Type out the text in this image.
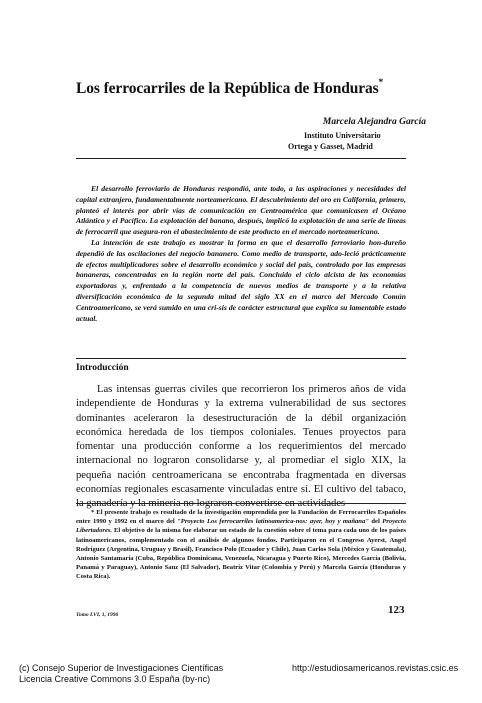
Los ferrocarriles de la República de Honduras*
Marcela Alejandra García
Instituto Universitario
Ortega y Gasset, Madrid

El desarrollo ferroviario de Honduras respondió, ante todo, a las aspiraciones y necesidades del capital extranjero, fundamentalmente norteamericano. El descubrimiento del oro en California, primero, planteó el interés por abrir vías de comunicación en Centroamérica que comunicasen el Océano Atlántico y el Pacífico. La explotación del banano, después, implicó la explotación de una serie de líneas de ferrocarril que asegura-ron el abastecimiento de este producto en el mercado norteamericano.

La intención de este trabajo es mostrar la forma en que el desarrollo ferroviario hon-dureño dependió de las oscilaciones del negocio bananero. Como medio de transporte, ado-leció prácticamente de efectos multiplicadores sobre el desarrollo económico y social del país, controlado por las empresas bananeras, concentradas en la región norte del país. Concluido el ciclo alcista de las economías exportadoras y, enfrentado a la competencia de nuevos medios de transporte y a la relativa diversificación económica de la segunda mitad del siglo XX en el marco del Mercado Común Centroamericano, se verá sumido en una cri-sis de carácter estructural que explica su lamentable estado actual.

Introducción

Las intensas guerras civiles que recorrieron los primeros años de vida independiente de Honduras y la extrema vulnerabilidad de sus sectores dominantes aceleraron la desestructuración de la débil organización económica heredada de los tiempos coloniales. Tenues proyectos para fomentar una producción conforme a los requerimientos del mercado internacional no lograron consolidarse y, al promediar el siglo XIX, la pequeña nación centroamericana se encontraba fragmentada en diversas economías regionales escasamente vinculadas entre sí. El cultivo del tabaco, la ganadería y la minería no lograron convertirse en actividades

* El presente trabajo es resultado de la investigación emprendida por la Fundación de Ferrocarriles Españoles entre 1990 y 1992 en el marco del "Proyecto Los ferrocarriles latinoamerica-nos: ayer, hoy y mañana" del Proyecto Libertadores. El objetivo de la misma fue elaborar un estado de la cuestión sobre el tema para cada uno de los países latinoamericanos, complementado con el análisis de algunos fondos. Participaron en el Congreso Ayerst, Angel Rodríguez (Argentina, Uruguay y Brasil), Francisco Polo (Ecuador y Chile), Juan Carlos Sola (México y Guatemala), Antonio Santamaría (Cuba, República Dominicana, Venezuela, Nicaragua y Puerto Rico), Mercedes García (Bolivia, Panamá y Paraguay), Antonio Sanz (El Salvador), Beatriz Vitar (Colombia y Perú) y Marcela García (Honduras y Costa Rica).

Tomo LVI, 1, 1996	123
(c) Consejo Superior de Investigaciones Científicas
Licencia Creative Commons 3.0 España (by-nc)
http://estudiosamericanos.revistas.csic.es
